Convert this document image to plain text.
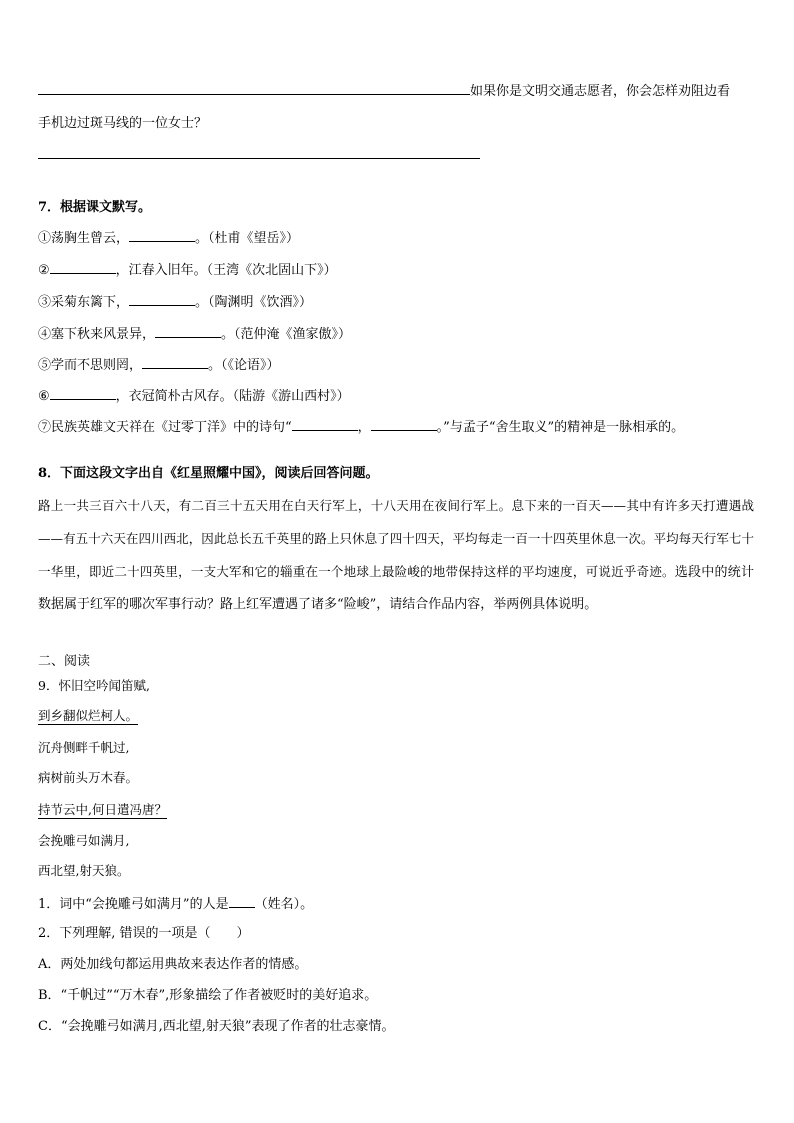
如果你是文明交通志愿者，你会怎样劝阻边看
手机边过斑马线的一位女士？
7．根据课文默写。
①荡胸生曾云，	。（杜甫《望岳》）
②	，江春入旧年。（王湾《次北固山下》）
③采菊东篱下，	。（陶渊明《饮酒》）
④塞下秋来风景异，	。（范仲淹《渔家傲》）
⑤学而不思则罔，	。（《论语》）
⑥	，衣冠简朴古风存。（陆游《游山西村》）
⑦民族英雄文天祥在《过零丁洋》中的诗句“	，	。”与孟子“舍生取义”的精神是一脉相承的。
8．下面这段文字出自《红星照耀中国》，阅读后回答问题。
路上一共三百六十八天，有二百三十五天用在白天行军上，十八天用在夜间行军上。息下来的一百天——其中有许多天打遭遇战——有五十六天在四川西北，因此总长五千英里的路上只休息了四十四天，平均每走一百一十四英里休息一次。平均每天行军七十一华里，即近二十四英里，一支大军和它的辎重在一个地球上最险峻的地带保持这样的平均速度，可说近乎奇迹。选段中的统计数据属于红军的哪次军事行动？路上红军遭遇了诸多“险峻”，请结合作品内容，举两例具体说明。
二、阅读
9．怀旧空吟闻笛赋,
到乡翻似烂柯人。
沉舟侧畔千帆过,
病树前头万木春。
持节云中,何日遣冯唐？
会挽雕弓如满月,
西北望,射天狼。
1．词中“会挽雕弓如满月”的人是 （姓名）。
2．下列理解, 错误的一项是（　　）
A．两处加线句都运用典故来表达作者的情感。
B．“千帆过”“万木春”,形象描绘了作者被贬时的美好追求。
C．“会挽雕弓如满月,西北望,射天狼”表现了作者的壮志豪情。
